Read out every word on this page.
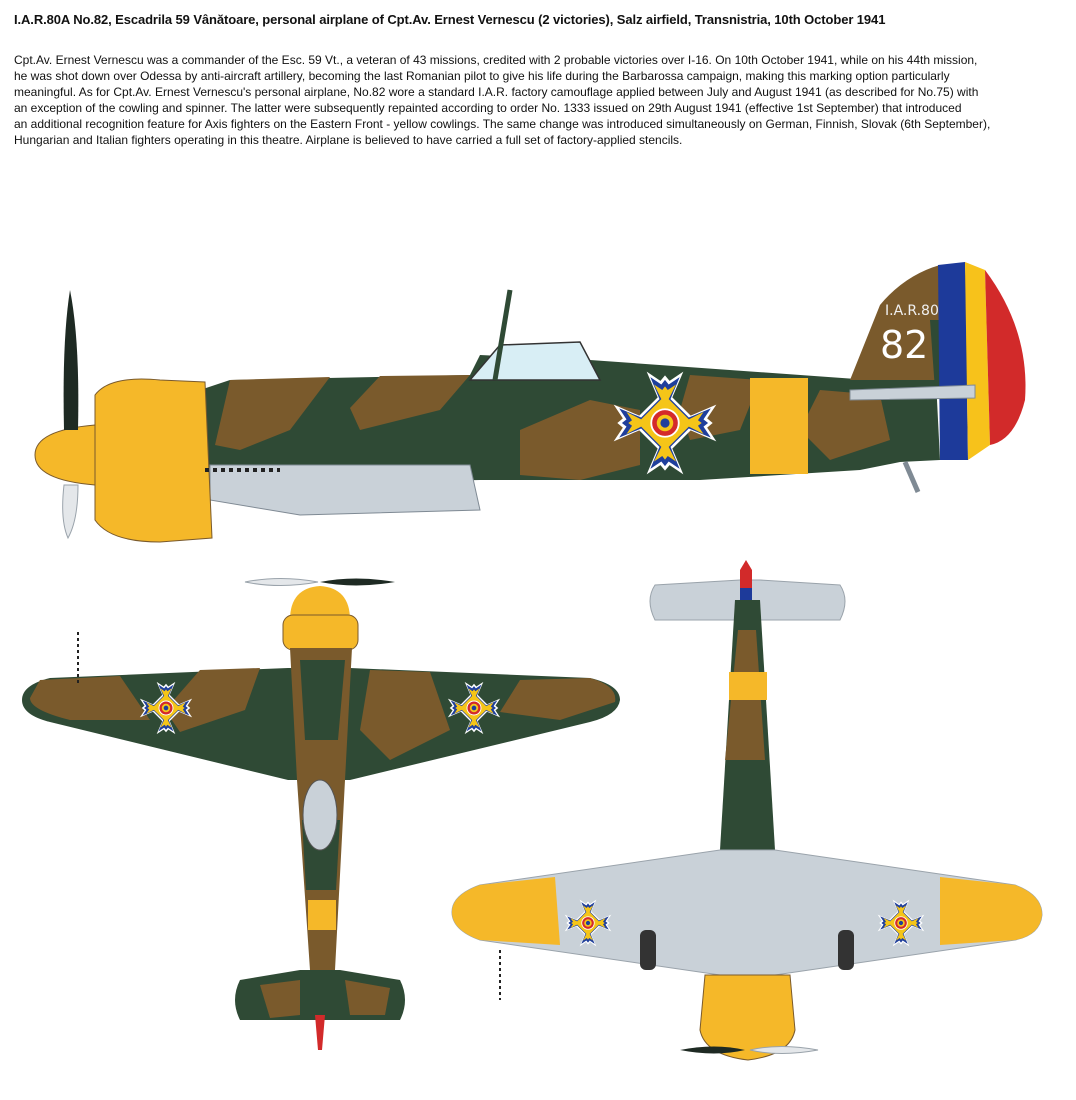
I.A.R.80A No.82, Escadrila 59 Vânătoare, personal airplane of Cpt.Av. Ernest Vernescu (2 victories), Salz airfield, Transnistria, 10th October 1941
Cpt.Av. Ernest Vernescu was a commander of the Esc. 59 Vt., a veteran of 43 missions, credited with 2 probable victories over I-16. On 10th October 1941, while on his 44th mission,
he was shot down over Odessa by anti-aircraft artillery, becoming the last Romanian pilot to give his life during the Barbarossa campaign, making this marking option particularly
meaningful. As for Cpt.Av. Ernest Vernescu's personal airplane, No.82 wore a standard I.A.R. factory camouflage applied between July and August 1941 (as described for No.75) with
an exception of the cowling and spinner. The latter were subsequently repainted according to order No. 1333 issued on 29th August 1941 (effective 1st September) that introduced
an additional recognition feature for Axis fighters on the Eastern Front - yellow cowlings. The same change was introduced simultaneously on German, Finnish, Slovak (6th September),
Hungarian and Italian fighters operating in this theatre. Airplane is believed to have carried a full set of factory-applied stencils.
I.A.R.80
82
